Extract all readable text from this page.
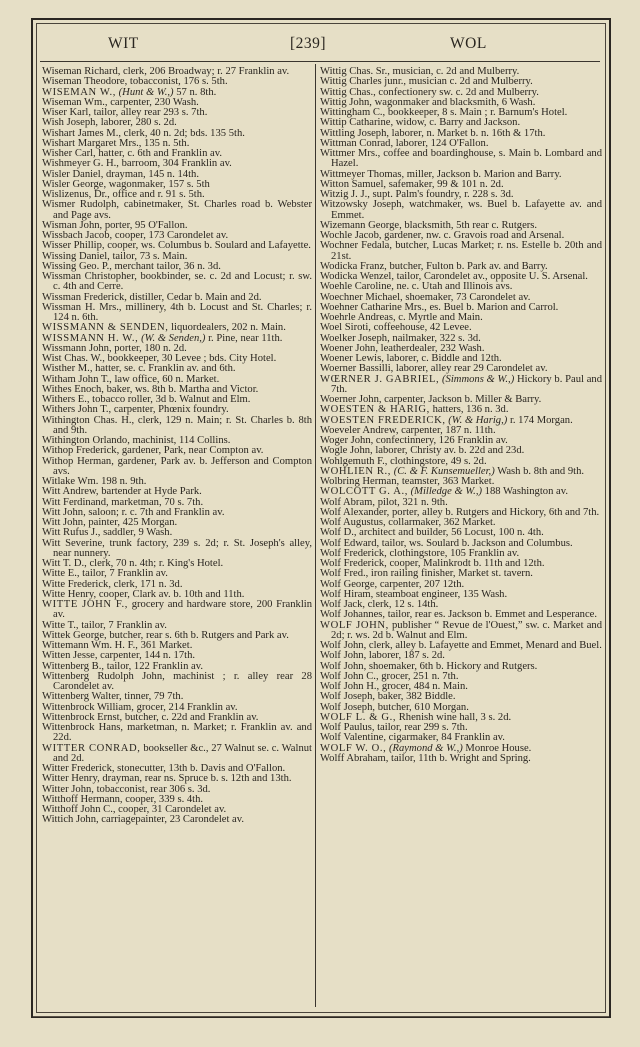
WIT	[239]	WOL

Wiseman Richard, clerk, 206 Broadway; r. 27 Franklin av.

Wiseman Theodore, tobacconist, 176 s. 5th.

WISEMAN W., (Hunt & W.,) 57 n. 8th.

Wiseman Wm., carpenter, 230 Wash.

Wiser Karl, tailor, alley rear 293 s. 7th.

Wish Joseph, laborer, 280 s. 2d.

Wishart James M., clerk, 40 n. 2d; bds. 135 5th.

Wishart Margaret Mrs., 135 n. 5th.

Wisher Carl, hatter, c. 6th and Franklin av.

Wishmeyer G. H., barroom, 304 Franklin av.

Wisler Daniel, drayman, 145 n. 14th.

Wisler George, wagonmaker, 157 s. 5th

Wislizenus, Dr., office and r. 91 s. 5th.

Wismer Rudolph, cabinetmaker, St. Charles road b. Webster and Page avs.

Wisman John, porter, 95 O'Fallon.

Wissbach Jacob, cooper, 173 Carondelet av.

Wisser Phillip, cooper, ws. Columbus b. Soulard and Lafayette.

Wissing Daniel, tailor, 73 s. Main.

Wissing Geo. P., merchant tailor, 36 n. 3d.

Wissman Christopher, bookbinder, se. c. 2d and Locust; r. sw. c. 4th and Cerre.

Wissman Frederick, distiller, Cedar b. Main and 2d.

Wissman H. Mrs., millinery, 4th b. Locust and St. Charles; r. 124 n. 6th.

WISSMANN & SENDEN, liquordealers, 202 n. Main.

WISSMANN H. W., (W. & Senden,) r. Pine, near 11th.

Wissmann John, porter, 180 n. 2d.

Wist Chas. W., bookkeeper, 30 Levee ; bds. City Hotel.

Wisther M., hatter, se. c. Franklin av. and 6th.

Witham John T., law office, 60 n. Market.

Withes Enoch, baker, ws. 8th b. Martha and Victor.

Withers E., tobacco roller, 3d b. Walnut and Elm.

Withers John T., carpenter, Phœnix foundry.

Withington Chas. H., clerk, 129 n. Main; r. St. Charles b. 8th and 9th.

Withington Orlando, machinist, 114 Collins.

Withop Frederick, gardener, Park, near Compton av.

Withop Herman, gardener, Park av. b. Jefferson and Compton avs.

Witlake Wm. 198 n. 9th.

Witt Andrew, bartender at Hyde Park.

Witt Ferdinand, marketman, 70 s. 7th.

Witt John, saloon; r. c. 7th and Franklin av.

Witt John, painter, 425 Morgan.

Witt Rufus J., saddler, 9 Wash.

Witt Severine, trunk factory, 239 s. 2d; r. St. Joseph's alley, near nunnery.

Witt T. D., clerk, 70 n. 4th; r. King's Hotel.

Witte E., tailor, 7 Franklin av.

Witte Frederick, clerk, 171 n. 3d.

Witte Henry, cooper, Clark av. b. 10th and 11th.

WITTE JOHN F., grocery and hardware store, 200 Franklin av.

Witte T., tailor, 7 Franklin av.

Wittek George, butcher, rear s. 6th b. Rutgers and Park av.

Wittemann Wm. H. F., 361 Market.

Witten Jesse, carpenter, 144 n. 17th.

Wittenberg B., tailor, 122 Franklin av.

Wittenberg Rudolph John, machinist ; r. alley rear 28 Carondelet av.

Wittenberg Walter, tinner, 79 7th.

Wittenbrock William, grocer, 214 Franklin av.

Wittenbrock Ernst, butcher, c. 22d and Franklin av.

Wittenbrock Hans, marketman, n. Market; r. Franklin av. and 22d.

WITTER CONRAD, bookseller &c., 27 Walnut se. c. Walnut and 2d.

Witter Frederick, stonecutter, 13th b. Davis and O'Fallon.

Witter Henry, drayman, rear ns. Spruce b. s. 12th and 13th.

Witter John, tobacconist, rear 306 s. 3d.

Witthoff Hermann, cooper, 339 s. 4th.

Witthoff John C., cooper, 31 Carondelet av.

Wittich John, carriagepainter, 23 Carondelet av.

Wittig Chas. Sr., musician, c. 2d and Mulberry.

Wittig Charles junr., musician c. 2d and Mulberry.

Wittig Chas., confectionery sw. c. 2d and Mulberry.

Wittig John, wagonmaker and blacksmith, 6 Wash.

Wittingham C., bookkeeper, 8 s. Main ; r. Barnum's Hotel.

Wittip Catharine, widow, c. Barry and Jackson.

Wittling Joseph, laborer, n. Market b. n. 16th & 17th.

Wittman Conrad, laborer, 124 O'Fallon.

Wittmer Mrs., coffee and boardinghouse, s. Main b. Lombard and Hazel.

Wittmeyer Thomas, miller, Jackson b. Marion and Barry.

Witton Samuel, safemaker, 99 & 101 n. 2d.

Witzig J. J., supt. Palm's foundry, r. 228 s. 3d.

Witzowsky Joseph, watchmaker, ws. Buel b. Lafayette av. and Emmet.

Wizemann George, blacksmith, 5th rear c. Rutgers.

Wochle Jacob, gardener, nw. c. Gravois road and Arsenal.

Wochner Fedala, butcher, Lucas Market; r. ns. Estelle b. 20th and 21st.

Wodicka Franz, butcher, Fulton b. Park av. and Barry.

Wodicka Wenzel, tailor, Carondelet av., opposite U. S. Arsenal.

Woehle Caroline, ne. c. Utah and Illinois avs.

Woechner Michael, shoemaker, 73 Carondelet av.

Woehner Catharine Mrs., es. Buel b. Marion and Carrol.

Woehrle Andreas, c. Myrtle and Main.

Woel Siroti, coffeehouse, 42 Levee.

Woelker Joseph, nailmaker, 322 s. 3d.

Woener John, leatherdealer, 232 Wash.

Woener Lewis, laborer, c. Biddle and 12th.

Woerner Bassilli, laborer, alley rear 29 Carondelet av.

WŒRNER J. GABRIEL, (Simmons & W.,) Hickory b. Paul and 7th.

Woerner John, carpenter, Jackson b. Miller & Barry.

WOESTEN & HARIG, hatters, 136 n. 3d.

WOESTEN FREDERICK, (W. & Harig,) r. 174 Morgan.

Woeveler Andrew, carpenter, 187 n. 11th.

Woger John, confectinnery, 126 Franklin av.

Wogle John, laborer, Christy av. b. 22d and 23d.

Wohlgemuth F., clothingstore, 49 s. 2d.

WOHLIEN R., (C. & F. Kunsemueller,) Wash b. 8th and 9th.

Wolbring Herman, teamster, 363 Market.

WOLCOTT G. A., (Milledge & W.,) 188 Washington av.

Wolf Abram, pilot, 321 n. 9th.

Wolf Alexander, porter, alley b. Rutgers and Hickory, 6th and 7th.

Wolf Augustus, collarmaker, 362 Market.

Wolf D., architect and builder, 56 Locust, 100 n. 4th.

Wolf Edward, tailor, ws. Soulard b. Jackson and Columbus.

Wolf Frederick, clothingstore, 105 Franklin av.

Wolf Frederick, cooper, Malinkrodt b. 11th and 12th.

Wolf Fred., iron railing finisher, Market st. tavern.

Wolf George, carpenter, 207 12th.

Wolf Hiram, steamboat engineer, 135 Wash.

Wolf Jack, clerk, 12 s. 14th.

Wolf Johannes, tailor, rear es. Jackson b. Emmet and Lesperance.

WOLF JOHN, publisher “ Revue de l'Ouest,” sw. c. Market and 2d; r. ws. 2d b. Walnut and Elm.

Wolf John, clerk, alley b. Lafayette and Emmet, Menard and Buel.

Wolf John, laborer, 187 s. 2d.

Wolf John, shoemaker, 6th b. Hickory and Rutgers.

Wolf John C., grocer, 251 n. 7th.

Wolf John H., grocer, 484 n. Main.

Wolf Joseph, baker, 382 Biddle.

Wolf Joseph, butcher, 610 Morgan.

WOLF L. & G., Rhenish wine hall, 3 s. 2d.

Wolf Paulus, tailor, rear 299 s. 7th.

Wolf Valentine, cigarmaker, 84 Franklin av.

WOLF W. O., (Raymond & W.,) Monroe House.

Wolff Abraham, tailor, 11th b. Wright and Spring.
